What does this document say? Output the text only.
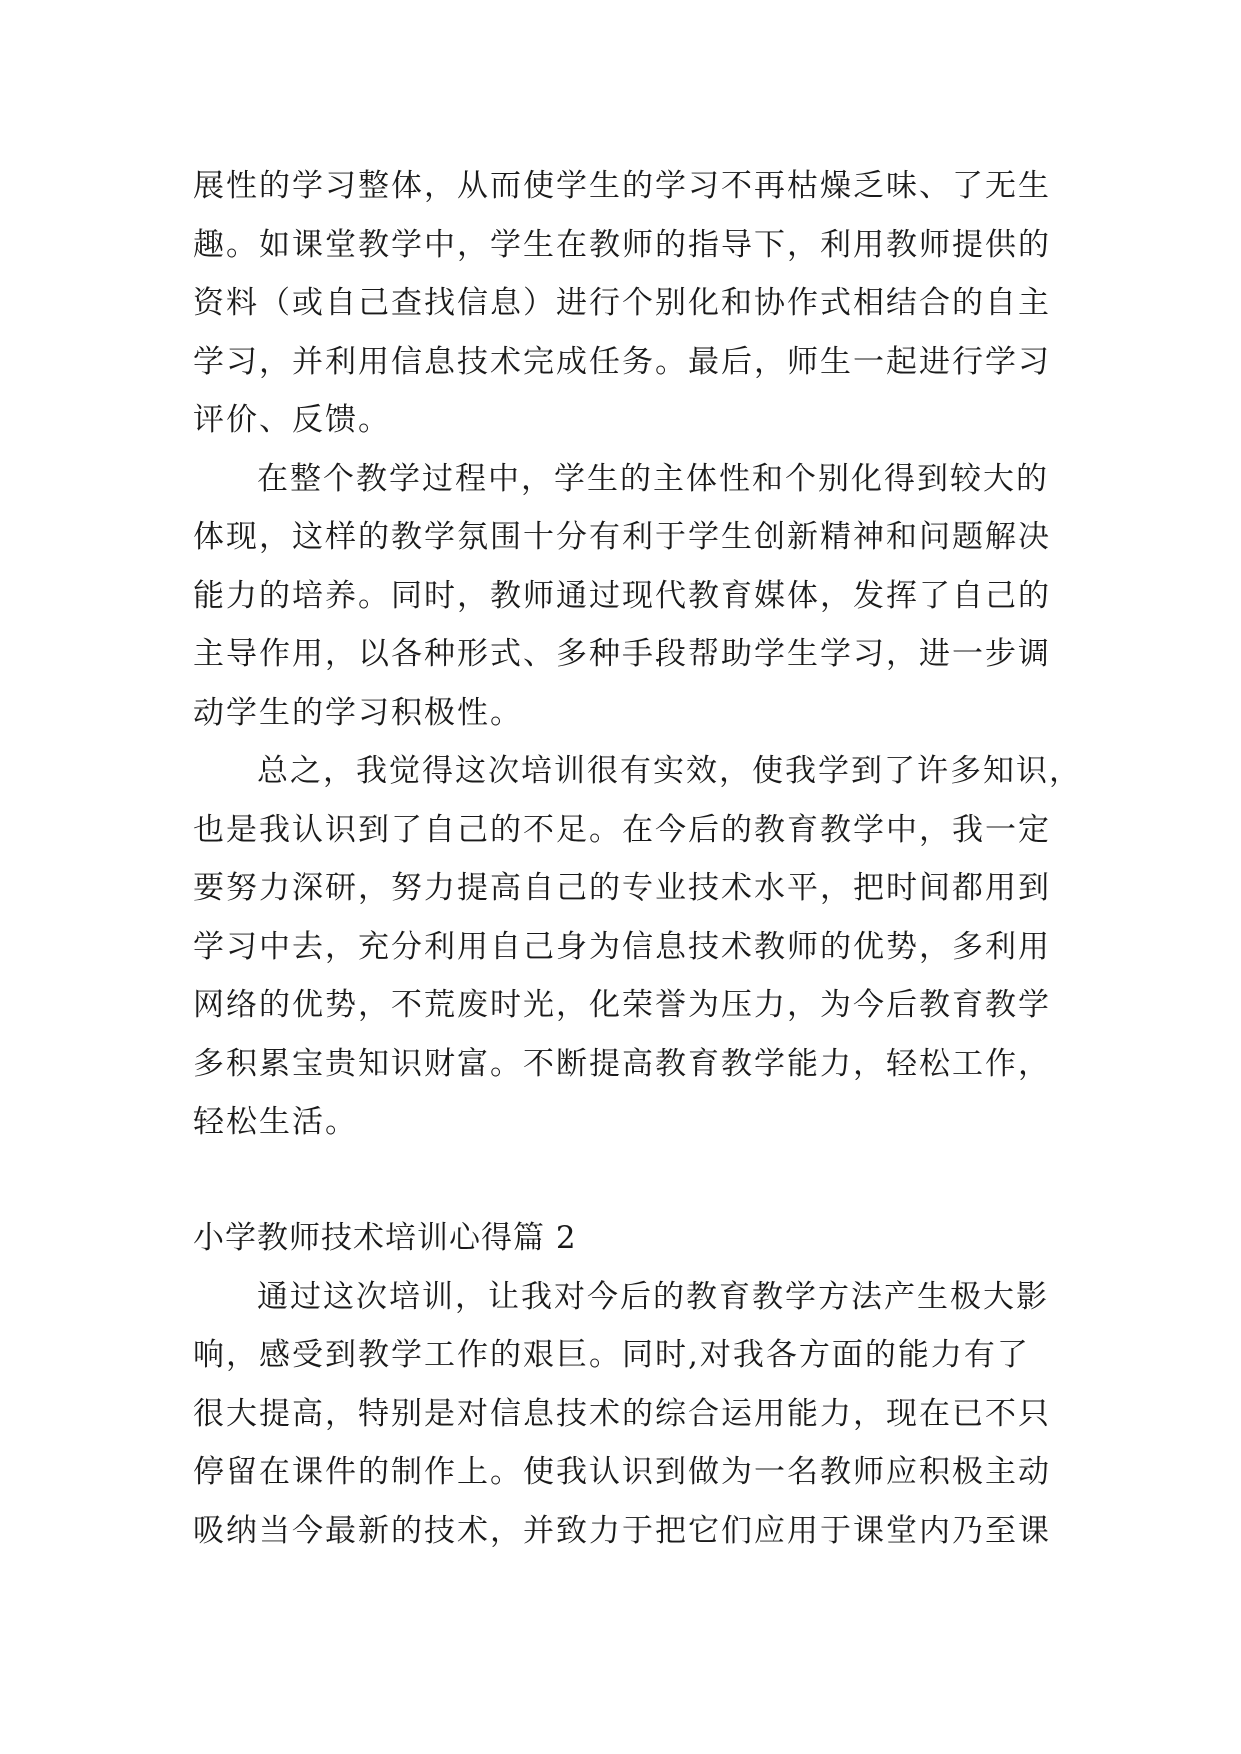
展性的学习整体，从而使学生的学习不再枯燥乏味、了无生
趣。如课堂教学中，学生在教师的指导下，利用教师提供的
资料（或自己查找信息）进行个别化和协作式相结合的自主
学习，并利用信息技术完成任务。最后，师生一起进行学习
评价、反馈。
在整个教学过程中，学生的主体性和个别化得到较大的
体现，这样的教学氛围十分有利于学生创新精神和问题解决
能力的培养。同时，教师通过现代教育媒体，发挥了自己的
主导作用，以各种形式、多种手段帮助学生学习，进一步调
动学生的学习积极性。
总之，我觉得这次培训很有实效，使我学到了许多知识，
也是我认识到了自己的不足。在今后的教育教学中，我一定
要努力深研，努力提高自己的专业技术水平，把时间都用到
学习中去，充分利用自己身为信息技术教师的优势，多利用
网络的优势，不荒废时光，化荣誉为压力，为今后教育教学
多积累宝贵知识财富。不断提高教育教学能力，轻松工作，
轻松生活。
小学教师技术培训心得篇 2
通过这次培训，让我对今后的教育教学方法产生极大影
响，感受到教学工作的艰巨。同时,对我各方面的能力有了
很大提高，特别是对信息技术的综合运用能力，现在已不只
停留在课件的制作上。使我认识到做为一名教师应积极主动
吸纳当今最新的技术，并致力于把它们应用于课堂内乃至课
